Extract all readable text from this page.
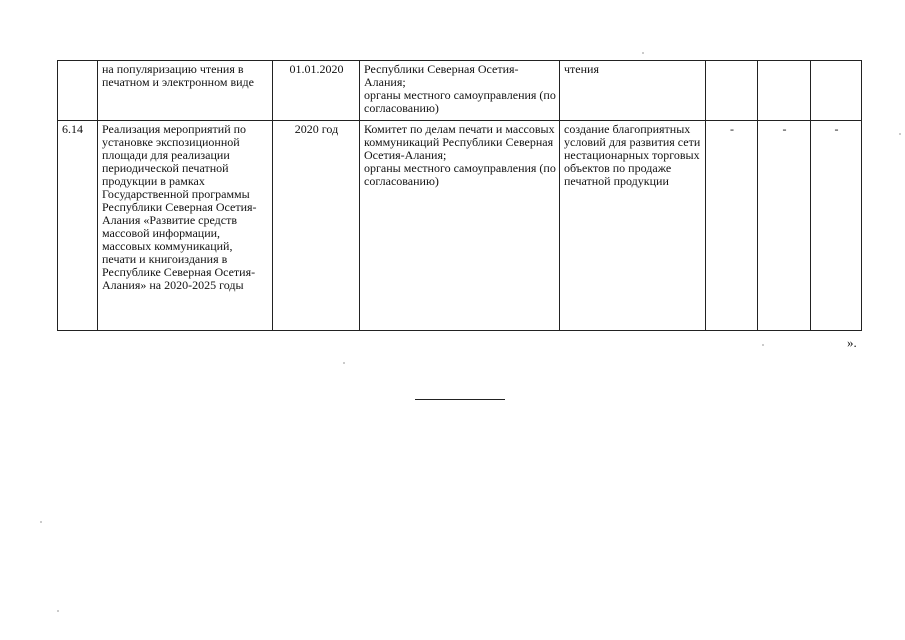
	на популяризацию чтения в печатном и электронном виде	01.01.2020	Республики Северная Осетия-Алания;
органы местного самоуправления (по согласованию)	чтения			
6.14	Реализация мероприятий по установке экспозиционной площади для реализации периодической печатной продукции в рамках Государственной программы Республики Северная Осетия-Алания «Развитие средств массовой информации, массовых коммуникаций, печати и книгоиздания в Республике Северная Осетия-Алания» на 2020-2025 годы	2020 год	Комитет по делам печати и массовых коммуникаций Республики Северная Осетия-Алания;
органы местного самоуправления (по согласованию)	создание благоприятных условий для развития сети нестационарных торговых объектов по продаже печатной продукции	-	-	-
».
